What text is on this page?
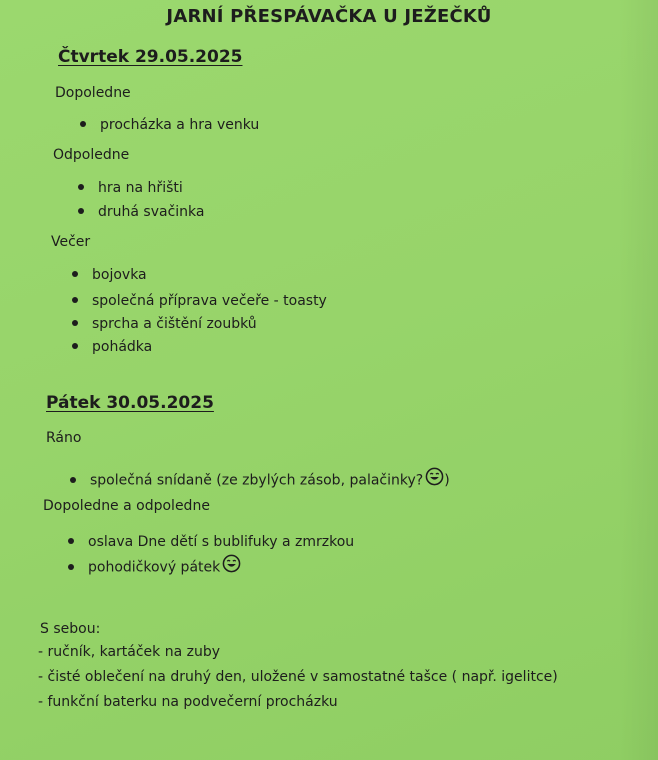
JARNÍ PŘESPÁVAČKA U JEŽEČKŮ
Čtvrtek 29.05.2025
Dopoledne
procházka a hra venku
Odpoledne
hra na hřišti
druhá svačinka
Večer
bojovka
společná příprava večeře - toasty
sprcha a čištění zoubků
pohádka
Pátek 30.05.2025
Ráno
společná snídaně (ze zbylých zásob, palačinky? )
Dopoledne a odpoledne
oslava Dne dětí s bublifuky a zmrzkou
pohodičkový pátek
S sebou:
- ručník, kartáček na zuby
- čisté oblečení na druhý den, uložené v samostatné tašce ( např. igelitce)
- funkční baterku na podvečerní procházku
